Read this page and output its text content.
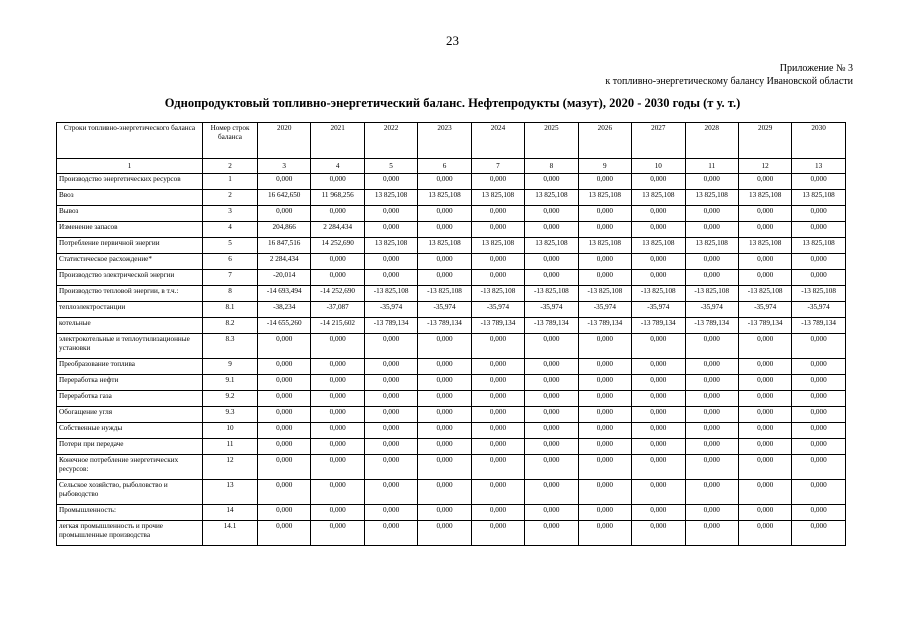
23
Приложение № 3
к топливно-энергетическому балансу Ивановской области
Однопродуктовый топливно-энергетический баланс. Нефтепродукты (мазут), 2020 - 2030 годы (т у. т.)
Строки топливно-энергетического баланса	Номер строк баланса	2020	2021	2022	2023	2024	2025	2026	2027	2028	2029	2030
1	2	3	4	5	6	7	8	9	10	11	12	13
Производство энергетических ресурсов	1	0,000	0,000	0,000	0,000	0,000	0,000	0,000	0,000	0,000	0,000	0,000
Ввоз	2	16 642,650	11 968,256	13 825,108	13 825,108	13 825,108	13 825,108	13 825,108	13 825,108	13 825,108	13 825,108	13 825,108
Вывоз	3	0,000	0,000	0,000	0,000	0,000	0,000	0,000	0,000	0,000	0,000	0,000
Изменение запасов	4	204,866	2 284,434	0,000	0,000	0,000	0,000	0,000	0,000	0,000	0,000	0,000
Потребление первичной энергии	5	16 847,516	14 252,690	13 825,108	13 825,108	13 825,108	13 825,108	13 825,108	13 825,108	13 825,108	13 825,108	13 825,108
Статистическое расхождение*	6	2 284,434	0,000	0,000	0,000	0,000	0,000	0,000	0,000	0,000	0,000	0,000
Производство электрической энергии	7	-20,014	0,000	0,000	0,000	0,000	0,000	0,000	0,000	0,000	0,000	0,000
Производство тепловой энергии, в т.ч.:	8	-14 693,494	-14 252,690	-13 825,108	-13 825,108	-13 825,108	-13 825,108	-13 825,108	-13 825,108	-13 825,108	-13 825,108	-13 825,108
теплоэлектростанции	8.1	-38,234	-37,087	-35,974	-35,974	-35,974	-35,974	-35,974	-35,974	-35,974	-35,974	-35,974
котельные	8.2	-14 655,260	-14 215,602	-13 789,134	-13 789,134	-13 789,134	-13 789,134	-13 789,134	-13 789,134	-13 789,134	-13 789,134	-13 789,134
электрокотельные и теплоутилизационные установки	8.3	0,000	0,000	0,000	0,000	0,000	0,000	0,000	0,000	0,000	0,000	0,000
Преобразование топлива	9	0,000	0,000	0,000	0,000	0,000	0,000	0,000	0,000	0,000	0,000	0,000
Переработка нефти	9.1	0,000	0,000	0,000	0,000	0,000	0,000	0,000	0,000	0,000	0,000	0,000
Переработка газа	9.2	0,000	0,000	0,000	0,000	0,000	0,000	0,000	0,000	0,000	0,000	0,000
Обогащение угля	9.3	0,000	0,000	0,000	0,000	0,000	0,000	0,000	0,000	0,000	0,000	0,000
Собственные нужды	10	0,000	0,000	0,000	0,000	0,000	0,000	0,000	0,000	0,000	0,000	0,000
Потери при передаче	11	0,000	0,000	0,000	0,000	0,000	0,000	0,000	0,000	0,000	0,000	0,000
Конечное потребление энергетических ресурсов:	12	0,000	0,000	0,000	0,000	0,000	0,000	0,000	0,000	0,000	0,000	0,000
Сельское хозяйство, рыболовство и рыбоводство	13	0,000	0,000	0,000	0,000	0,000	0,000	0,000	0,000	0,000	0,000	0,000
Промышленность:	14	0,000	0,000	0,000	0,000	0,000	0,000	0,000	0,000	0,000	0,000	0,000
легкая промышленность и прочие промышленные производства	14.1	0,000	0,000	0,000	0,000	0,000	0,000	0,000	0,000	0,000	0,000	0,000
